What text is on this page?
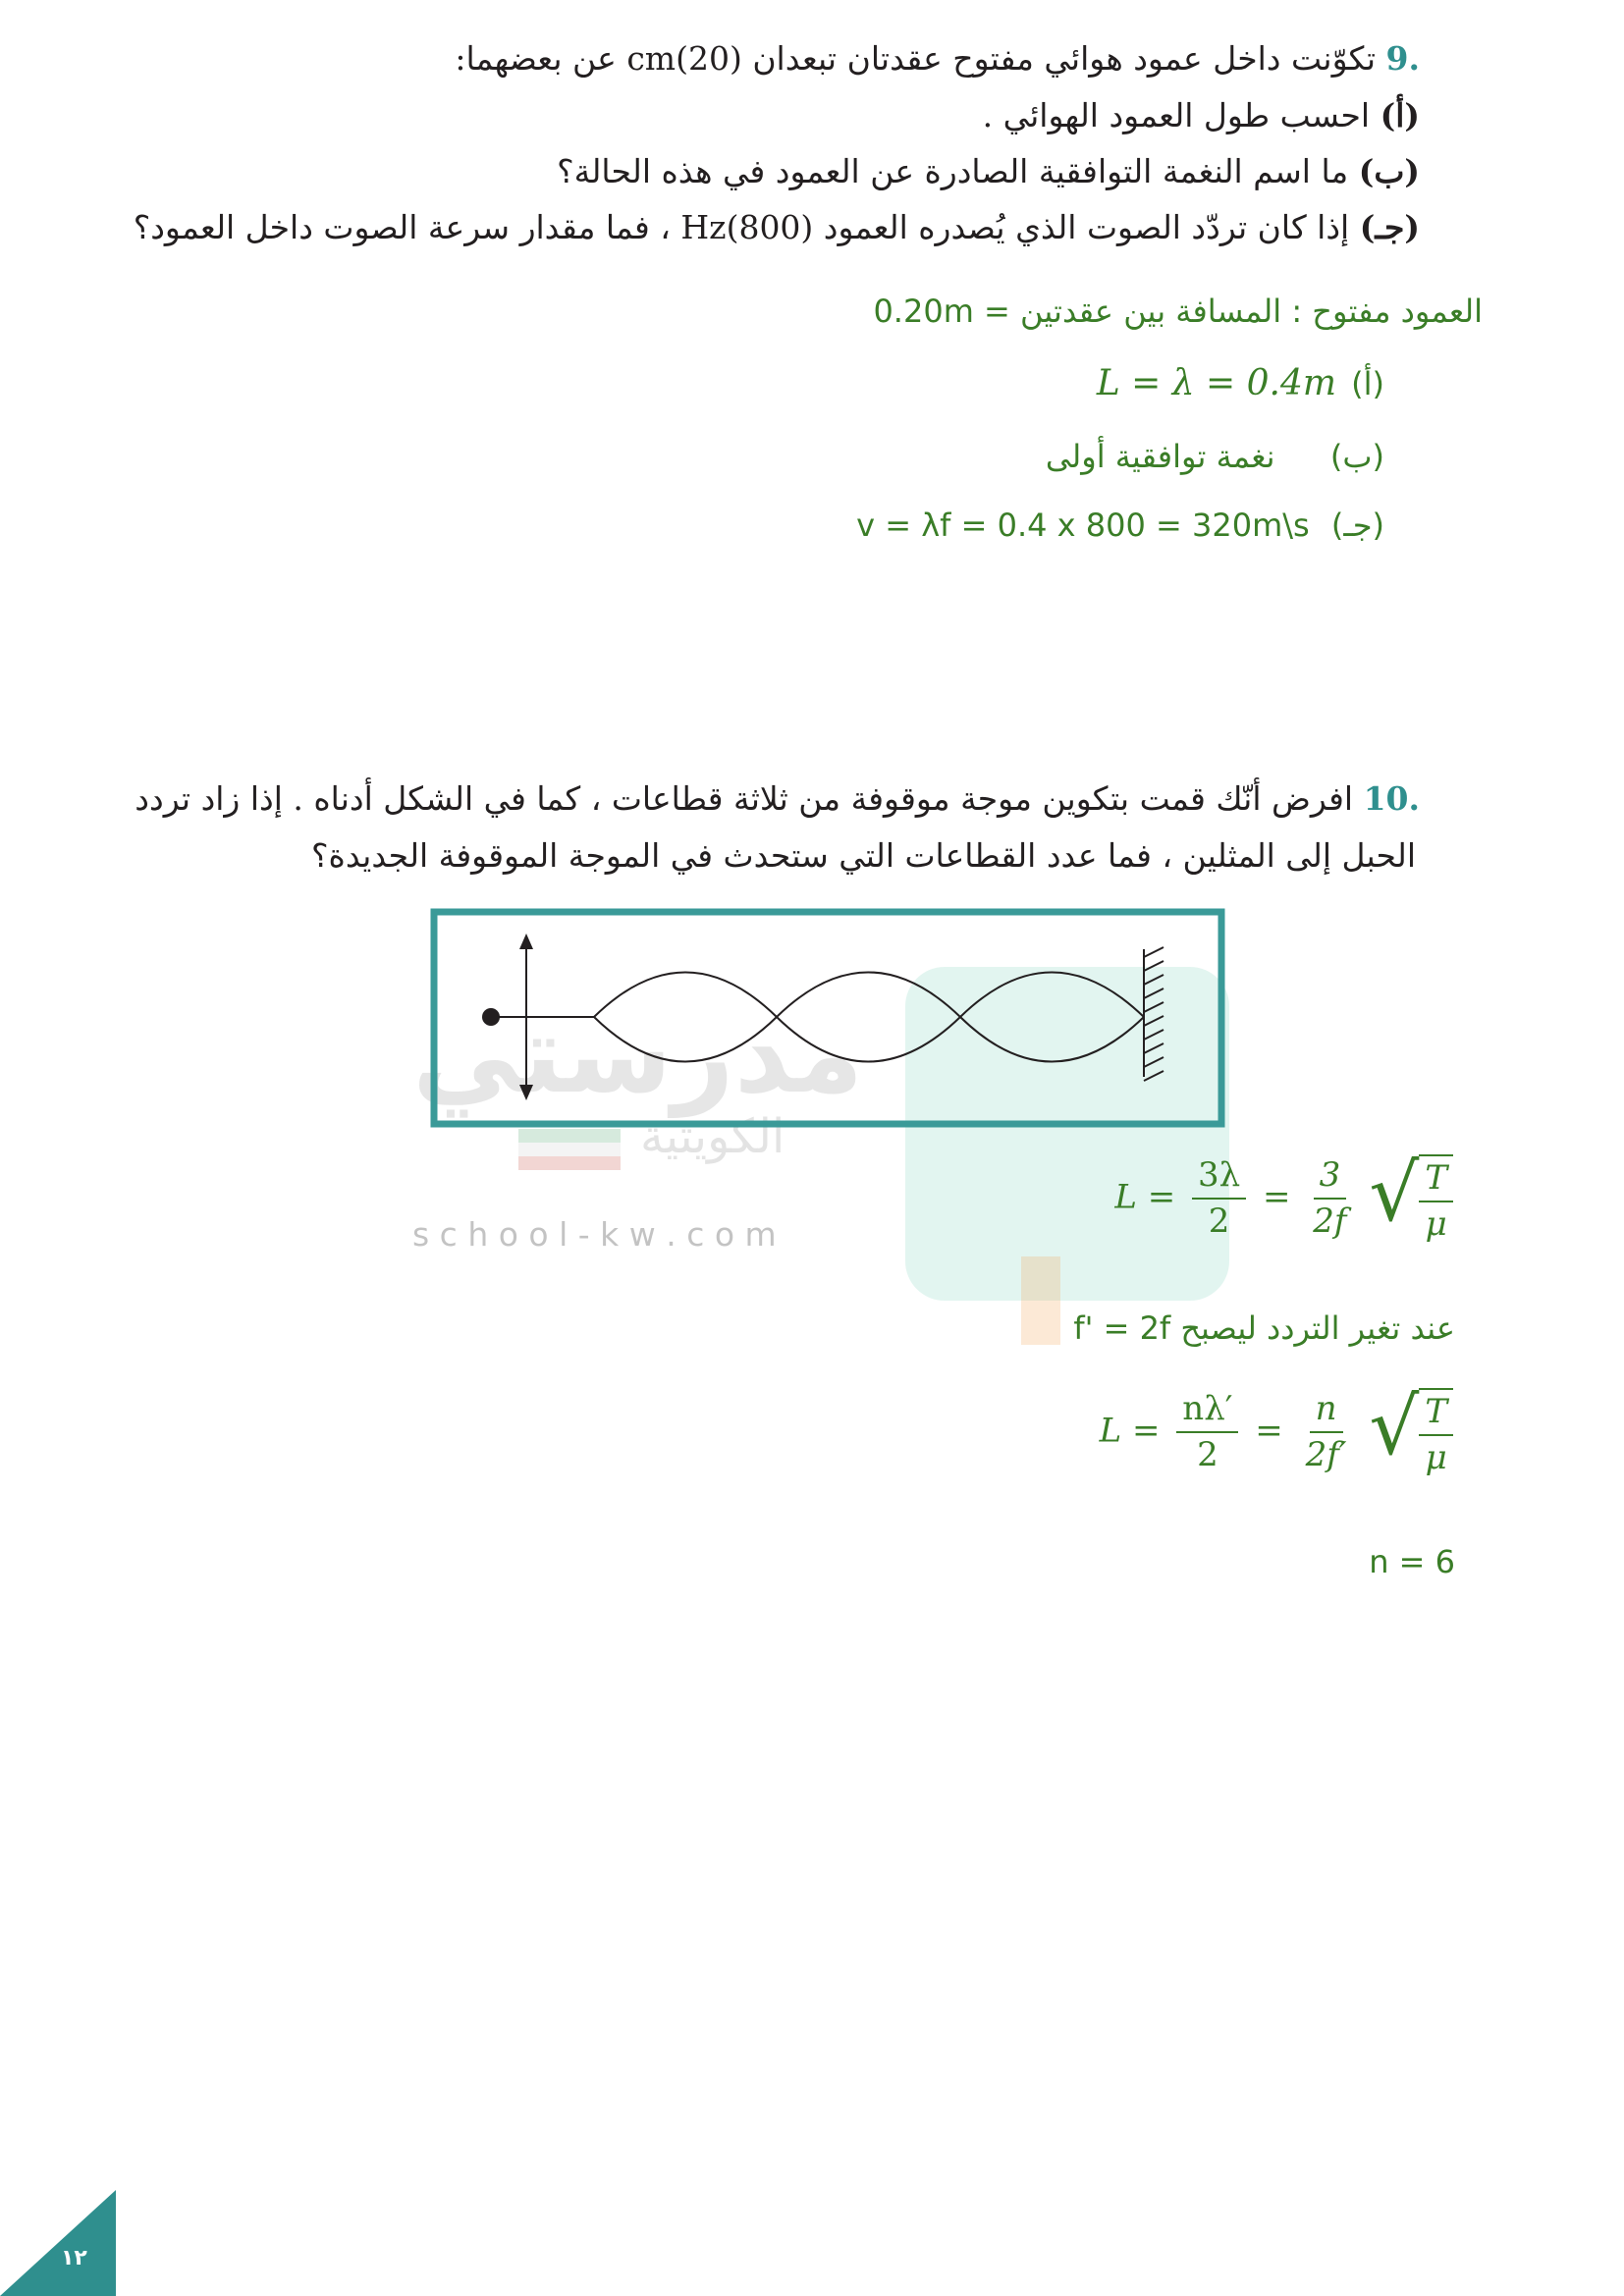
.9 تكوّنت داخل عمود هوائي مفتوح عقدتان تبعدان cm(20) عن بعضهما:
(أ) احسب طول العمود الهوائي .
(ب) ما اسم النغمة التوافقية الصادرة عن العمود في هذه الحالة؟
(جـ) إذا كان تردّد الصوت الذي يُصدره العمود Hz(800) ، فما مقدار سرعة الصوت داخل العمود؟
العمود مفتوح : المسافة بين عقدتين = 0.20m
L = λ = 0.4m (أ)
(ب)  نغمة توافقية أولى
v = λf = 0.4 x 800 = 320m\s (جـ)
.10 افرض أنّك قمت بتكوين موجة موقوفة من ثلاثة قطاعات ، كما في الشكل أدناه . إذا زاد تردد
الحبل إلى المثلين ، فما عدد القطاعات التي ستحدث في الموجة الموقوفة الجديدة؟
مدرستي
الكويتية
s c h o o l - k w . c o m
$L = \frac{3\lambda}{2} = \frac{3}{2f}$
√ $\frac{T}{\mu}$
عند تغير التردد ليصبح f' = 2f
$L = \frac{n\lambda'}{2} = \frac{n}{2f'}$
√ $\frac{T}{\mu}$
n = 6
١٢
